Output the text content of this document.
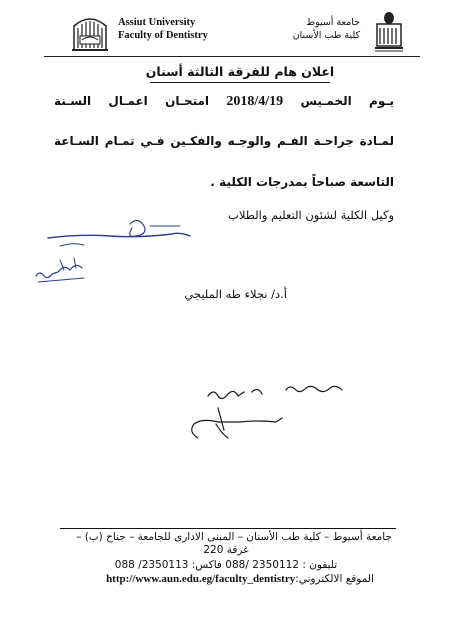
Assiut University
Faculty of Dentistry
جامعة أسيوط
كلية طب الأسنان
اعلان هام للفرقة الثالثة أسنان
يـوم الخمـيس 2018/4/19 امتحـان اعمـال السـنة
لمـادة جراحـة الفـم والوجـه والفكـين فـي تمـام السـاعة
التاسعة صباحاً بمدرجات الكلية .
وكيل الكلية لشئون التعليم والطلاب
أ.د/ نجلاء طه المليجي
جامعة أسيوط – كلية طب الأسنان – المبنى الادارى للجامعة – جناح (ب) –
غرفة 220
تليفون : 2350112 /088 فاكس: 2350113/ 088
الموقع الالكتروني:http://www.aun.edu.eg/faculty_dentistry
